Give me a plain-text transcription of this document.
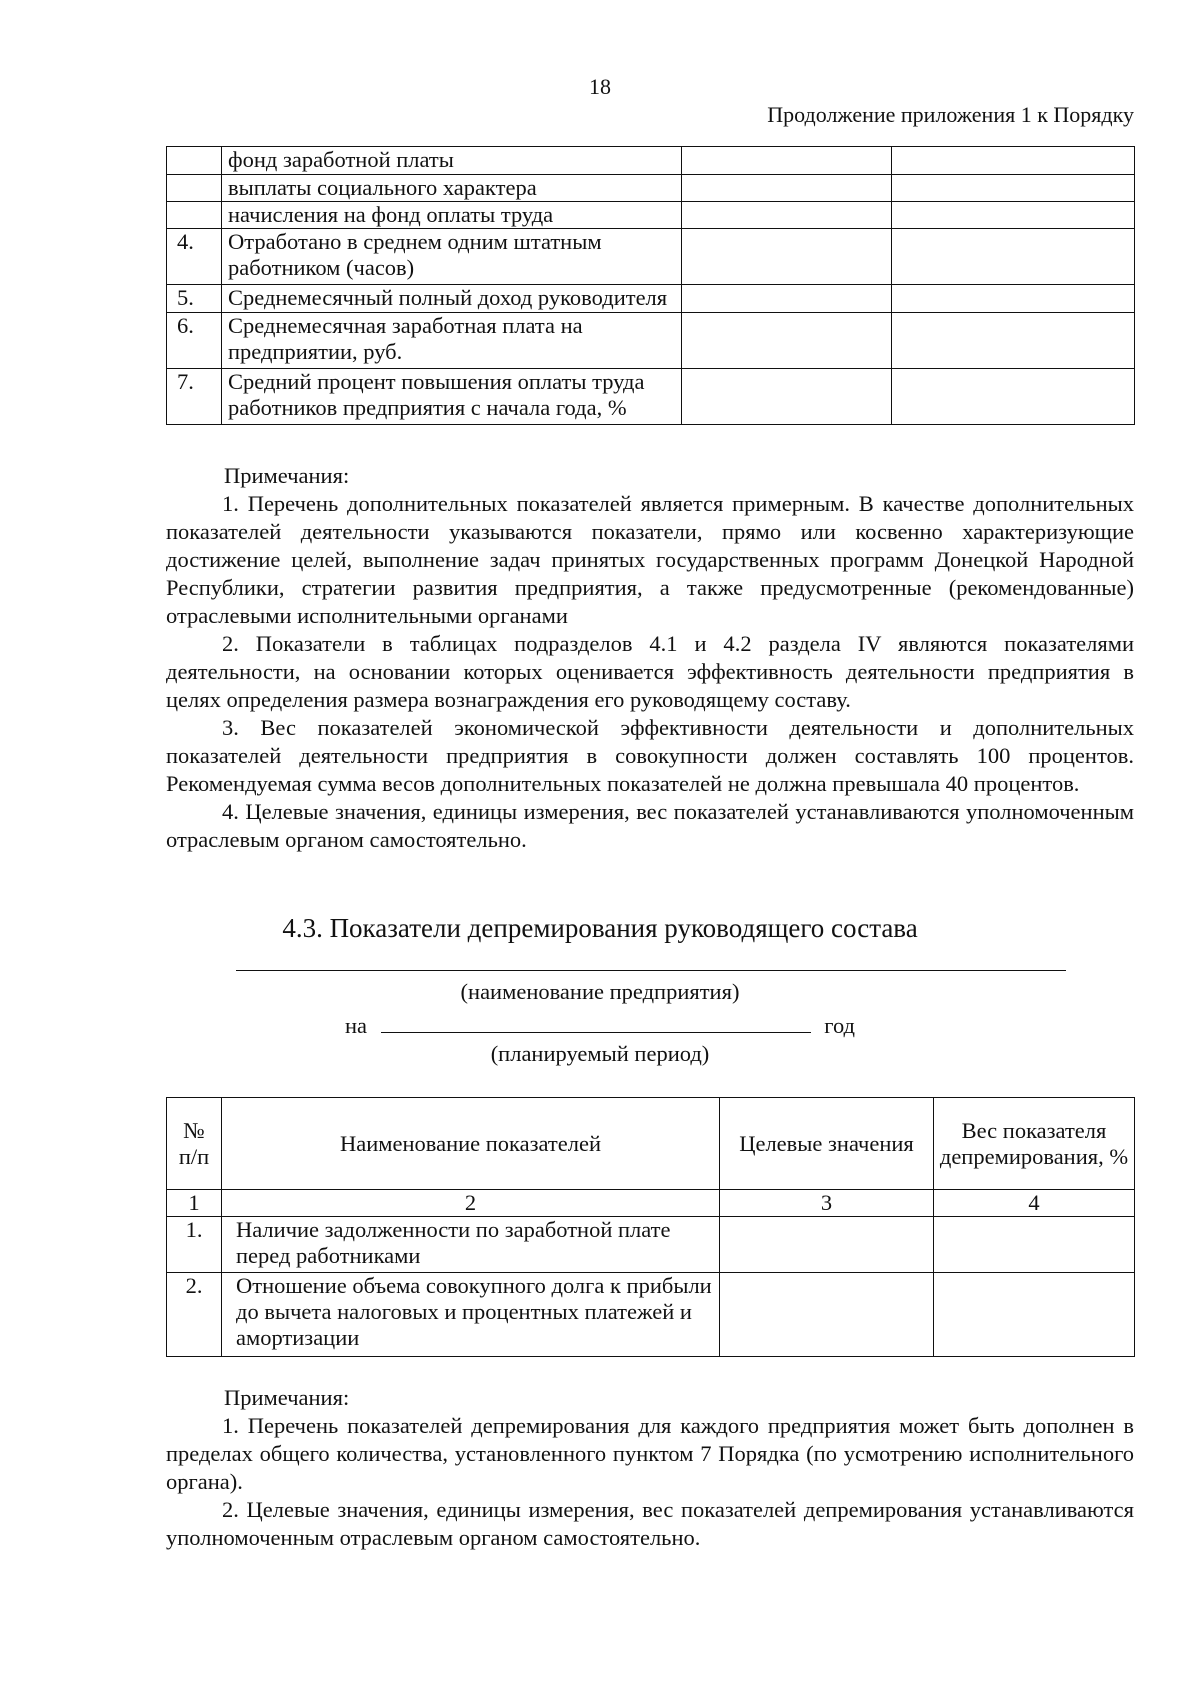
18
Продолжение приложения 1 к Порядку
	фонд заработной платы		
	выплаты социального характера		
	начисления на фонд оплаты труда		
4.	Отработано в среднем одним штатным работником (часов)		
5.	Среднемесячный полный доход руководителя		
6.	Среднемесячная заработная плата на предприятии, руб.		
7.	Средний процент повышения оплаты труда работников предприятия с начала года, %		

Примечания:

1. Перечень дополнительных показателей является примерным. В качестве дополнительных показателей деятельности указываются показатели, прямо или косвенно характеризующие достижение целей, выполнение задач принятых государственных программ Донецкой Народной Республики, стратегии развития предприятия, а также предусмотренные (рекомендованные) отраслевыми исполнительными органами

2. Показатели в таблицах подразделов 4.1 и 4.2 раздела IV являются показателями деятельности, на основании которых оценивается эффективность деятельности предприятия в целях определения размера вознаграждения его руководящему составу.

3. Вес показателей экономической эффективности деятельности и дополнительных показателей деятельности предприятия в совокупности должен составлять 100 процентов. Рекомендуемая сумма весов дополнительных показателей не должна превышала 40 процентов.

4. Целевые значения, единицы измерения, вес показателей устанавливаются уполномоченным отраслевым органом самостоятельно.

4.3. Показатели депремирования руководящего состава
(наименование предприятия)
на	год
(планируемый период)
№ п/п	Наименование показателей	Целевые значения	Вес показателя депремирования, %
1	2	3	4
1.	Наличие задолженности по заработной плате перед работниками		
2.	Отношение объема совокупного долга к прибыли до вычета налоговых и процентных платежей и амортизации		

Примечания:

1. Перечень показателей депремирования для каждого предприятия может быть дополнен в пределах общего количества, установленного пунктом 7 Порядка (по усмотрению исполнительного органа).

2. Целевые значения, единицы измерения, вес показателей депремирования устанавливаются уполномоченным отраслевым органом самостоятельно.
